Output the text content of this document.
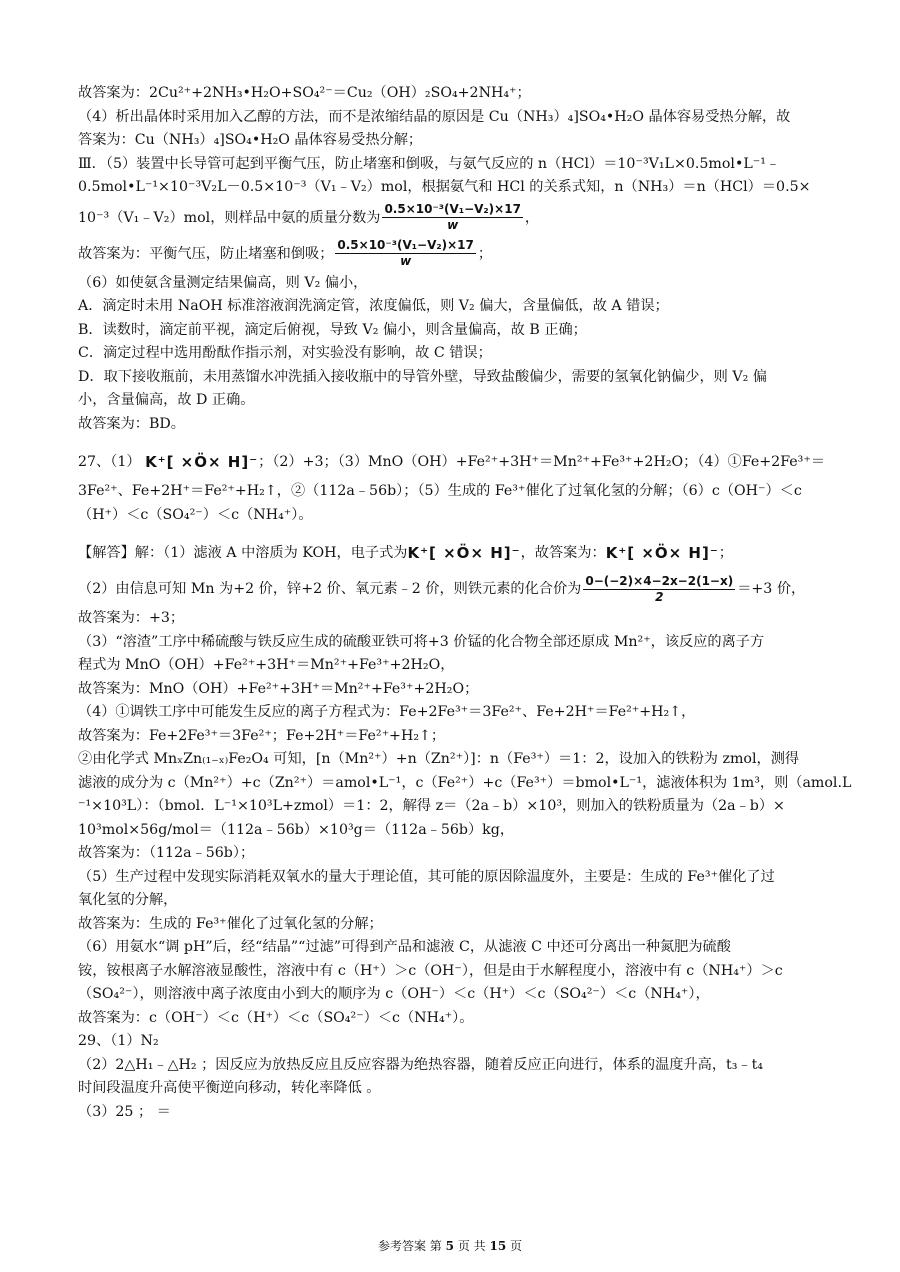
故答案为：2Cu²⁺+2NH₃•H₂O+SO₄²⁻＝Cu₂（OH）₂SO₄+2NH₄⁺；
（4）析出晶体时采用加入乙醇的方法，而不是浓缩结晶的原因是 Cu（NH₃）₄]SO₄•H₂O 晶体容易受热分解，故
答案为：Cu（NH₃）₄]SO₄•H₂O 晶体容易受热分解；
Ⅲ．（5）装置中长导管可起到平衡气压，防止堵塞和倒吸，与氨气反应的 n（HCl）＝10⁻³V₁L×0.5mol•L⁻¹﹣
0.5mol•L⁻¹×10⁻³V₂L－0.5×10⁻³（V₁﹣V₂）mol，根据氨气和 HCl 的关系式知，n（NH₃）＝n（HCl）＝0.5×
10⁻³（V₁﹣V₂）mol，则样品中氨的质量分数为 $\frac{\text{0.5×10⁻³(V₁−V₂)×17}}{w}$ ，
故答案为：平衡气压，防止堵塞和倒吸； $\frac{\text{0.5×10⁻³(V₁−V₂)×17}}{w}$ ；
（6）如使氨含量测定结果偏高，则 V₂ 偏小，
A．滴定时未用 NaOH 标准溶液润洗滴定管，浓度偏低，则 V₂ 偏大，含量偏低，故 A 错误；
B．读数时，滴定前平视，滴定后俯视，导致 V₂ 偏小，则含量偏高，故 B 正确；
C．滴定过程中选用酚酞作指示剂，对实验没有影响，故 C 错误；
D．取下接收瓶前，未用蒸馏水冲洗插入接收瓶中的导管外壁，导致盐酸偏少，需要的氢氧化钠偏少，则 V₂ 偏
小，含量偏高，故 D 正确。
故答案为：BD。
27、（1） K⁺[ ×Ö× H]⁻；（2）+3；（3）MnO（OH）+Fe²⁺+3H⁺＝Mn²⁺+Fe³⁺+2H₂O；（4）①Fe+2Fe³⁺＝
3Fe²⁺、Fe+2H⁺＝Fe²⁺+H₂↑，②（112a﹣56b）；（5）生成的 Fe³⁺催化了过氧化氢的分解；（6）c（OH⁻）＜c
（H⁺）＜c（SO₄²⁻）＜c（NH₄⁺）。
【解答】解：（1）滤液 A 中溶质为 KOH，电子式为K⁺[ ×Ö× H]⁻，故答案为：K⁺[ ×Ö× H]⁻；
（2）由信息可知 Mn 为+2 价，锌+2 价、氧元素﹣2 价，则铁元素的化合价为 $\frac{0-(-2)\times 4-2x-2(1-x)}{2} =+3$ 价，
故答案为：+3；
（3）“溶渣”工序中稀硫酸与铁反应生成的硫酸亚铁可将+3 价锰的化合物全部还原成 Mn²⁺，该反应的离子方
程式为 MnO（OH）+Fe²⁺+3H⁺＝Mn²⁺+Fe³⁺+2H₂O，
故答案为：MnO（OH）+Fe²⁺+3H⁺＝Mn²⁺+Fe³⁺+2H₂O；
（4）①调铁工序中可能发生反应的离子方程式为：Fe+2Fe³⁺＝3Fe²⁺、Fe+2H⁺＝Fe²⁺+H₂↑，
故答案为：Fe+2Fe³⁺＝3Fe²⁺；Fe+2H⁺＝Fe²⁺+H₂↑；
②由化学式 MnₓZn₍₁₋ₓ₎Fe₂O₄ 可知，[n（Mn²⁺）+n（Zn²⁺）]：n（Fe³⁺）＝1：2，设加入的铁粉为 zmol，测得
滤液的成分为 c（Mn²⁺）+c（Zn²⁺）＝amol•L⁻¹，c（Fe²⁺）+c（Fe³⁺）＝bmol•L⁻¹，滤液体积为 1m³，则（amol.L
⁻¹×10³L）：（bmol．L⁻¹×10³L+zmol）＝1：2，解得 z＝（2a﹣b）×10³，则加入的铁粉质量为（2a﹣b）×
10³mol×56g/mol＝（112a﹣56b）×10³g＝（112a﹣56b）kg，
故答案为：（112a﹣56b）；
（5）生产过程中发现实际消耗双氧水的量大于理论值，其可能的原因除温度外，主要是：生成的 Fe³⁺催化了过
氧化氢的分解，
故答案为：生成的 Fe³⁺催化了过氧化氢的分解；
（6）用氨水“调 pH”后，经“结晶”“过滤”可得到产品和滤液 C，从滤液 C 中还可分离出一种氮肥为硫酸
铵，铵根离子水解溶液显酸性，溶液中有 c（H⁺）＞c（OH⁻），但是由于水解程度小，溶液中有 c（NH₄⁺）＞c
（SO₄²⁻），则溶液中离子浓度由小到大的顺序为 c（OH⁻）＜c（H⁺）＜c（SO₄²⁻）＜c（NH₄⁺），
故答案为：c（OH⁻）＜c（H⁺）＜c（SO₄²⁻）＜c（NH₄⁺）。
29、（1）N₂
（2）2△H₁﹣△H₂ ；因反应为放热反应且反应容器为绝热容器，随着反应正向进行，体系的温度升高，t₃﹣t₄
时间段温度升高使平衡逆向移动，转化率降低 。
（3）25 ； ＝
参考答案 第 5 页 共 15 页
